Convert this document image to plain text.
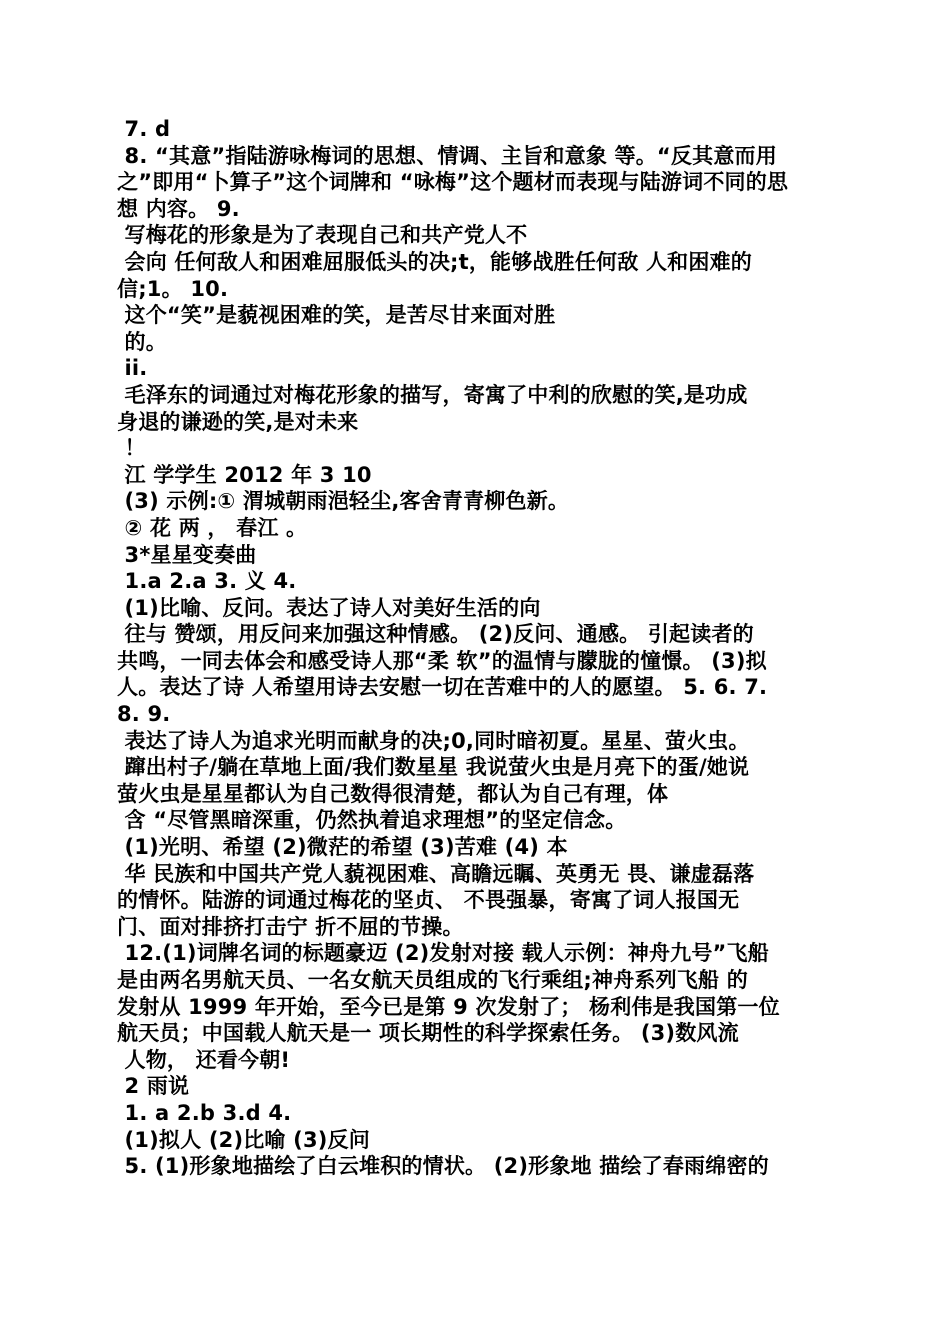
7. d
8. “其意”指陆游咏梅词的思想、情调、主旨和意象 等。“反其意而用
之”即用“卜算子”这个词牌和 “咏梅”这个题材而表现与陆游词不同的思
想 内容。 9.
写梅花的形象是为了表现自己和共产党人不
会向 任何敌人和困难屈服低头的决;t，能够战胜任何敌 人和困难的
信;1。 10.
这个“笑”是藐视困难的笑，是苦尽甘来面对胜
的。
ii.
毛泽东的词通过对梅花形象的描写，寄寓了中利的欣慰的笑,是功成
身退的谦逊的笑,是对未来
！
江 学学生 2012 年 3 10
(3) 示例:① 渭城朝雨浥轻尘,客舍青青柳色新。
② 花 两 ， 春江 。
3*星星变奏曲
1.a 2.a 3. 义 4.
(1)比喻、反问。表达了诗人对美好生活的向
往与 赞颂，用反问来加强这种情感。 (2)反问、通感。 引起读者的
共鸣，一同去体会和感受诗人那“柔 软”的温情与朦胧的憧憬。 (3)拟
人。表达了诗 人希望用诗去安慰一切在苦难中的人的愿望。 5. 6. 7.
8. 9.
表达了诗人为追求光明而献身的决;0,同时暗初夏。星星、萤火虫。
蹿出村子/躺在草地上面/我们数星星 我说萤火虫是月亮下的蛋/她说
萤火虫是星星都认为自己数得很清楚，都认为自己有理，体
含 “尽管黑暗深重，仍然执着追求理想”的坚定信念。
(1)光明、希望 (2)微茫的希望 (3)苦难 (4) 本
华 民族和中国共产党人藐视困难、高瞻远瞩、英勇无 畏、谦虚磊落
的情怀。陆游的词通过梅花的坚贞、 不畏强暴，寄寓了词人报国无
门、面对排挤打击宁 折不屈的节操。
12.(1)词牌名词的标题豪迈 (2)发射对接 载人示例：神舟九号”飞船
是由两名男航天员、一名女航天员组成的飞行乘组;神舟系列飞船 的
发射从 1999 年开始，至今已是第 9 次发射了； 杨利伟是我国第一位
航天员；中国载人航天是一 项长期性的科学探索任务。 (3)数风流
人物， 还看今朝!
2 雨说
1. a 2.b 3.d 4.
(1)拟人 (2)比喻 (3)反问
5. (1)形象地描绘了白云堆积的情状。 (2)形象地 描绘了春雨绵密的
